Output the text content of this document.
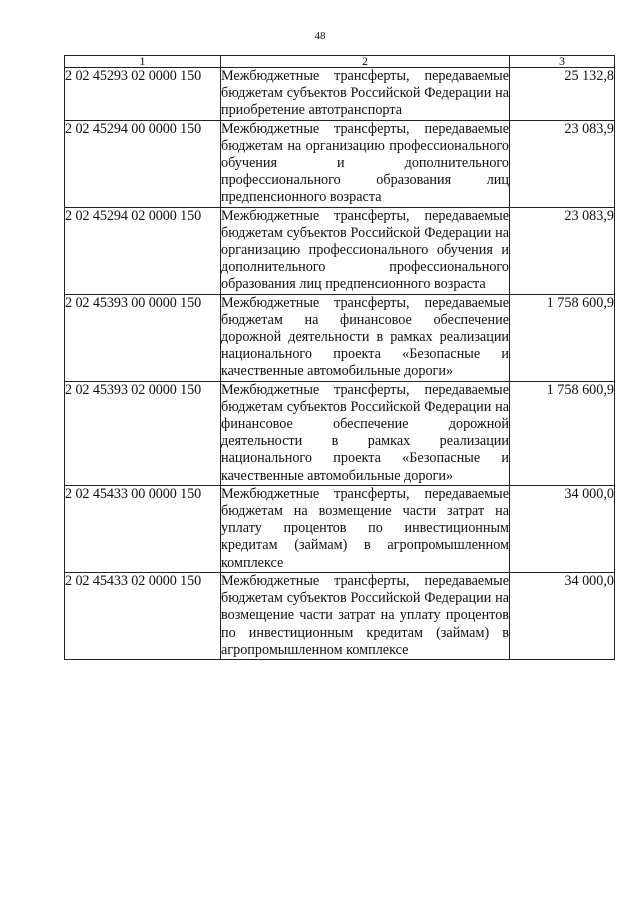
48
1	2	3
2 02 45293 02 0000 150	Межбюджетные трансферты, передаваемые бюджетам субъектов Российской Федерации на приобретение автотранспорта	25 132,8
2 02 45294 00 0000 150	Межбюджетные трансферты, передаваемые бюджетам на организацию профессионального обучения и дополнительного профессионального образования лиц предпенсионного возраста	23 083,9
2 02 45294 02 0000 150	Межбюджетные трансферты, передаваемые бюджетам субъектов Российской Федерации на организацию профессионального обучения и дополнительного профессионального образования лиц предпенсионного возраста	23 083,9
2 02 45393 00 0000 150	Межбюджетные трансферты, передаваемые бюджетам на финансовое обеспечение дорожной деятельности в рамках реализации национального проекта «Безопасные и качественные автомобильные дороги»	1 758 600,9
2 02 45393 02 0000 150	Межбюджетные трансферты, передаваемые бюджетам субъектов Российской Федерации на финансовое обеспечение дорожной деятельности в рамках реализации национального проекта «Безопасные и качественные автомобильные дороги»	1 758 600,9
2 02 45433 00 0000 150	Межбюджетные трансферты, передаваемые бюджетам на возмещение части затрат на уплату процентов по инвестиционным кредитам (займам) в агропромышленном комплексе	34 000,0
2 02 45433 02 0000 150	Межбюджетные трансферты, передаваемые бюджетам субъектов Российской Федерации на возмещение части затрат на уплату процентов по инвестиционным кредитам (займам) в агропромышленном комплексе	34 000,0
